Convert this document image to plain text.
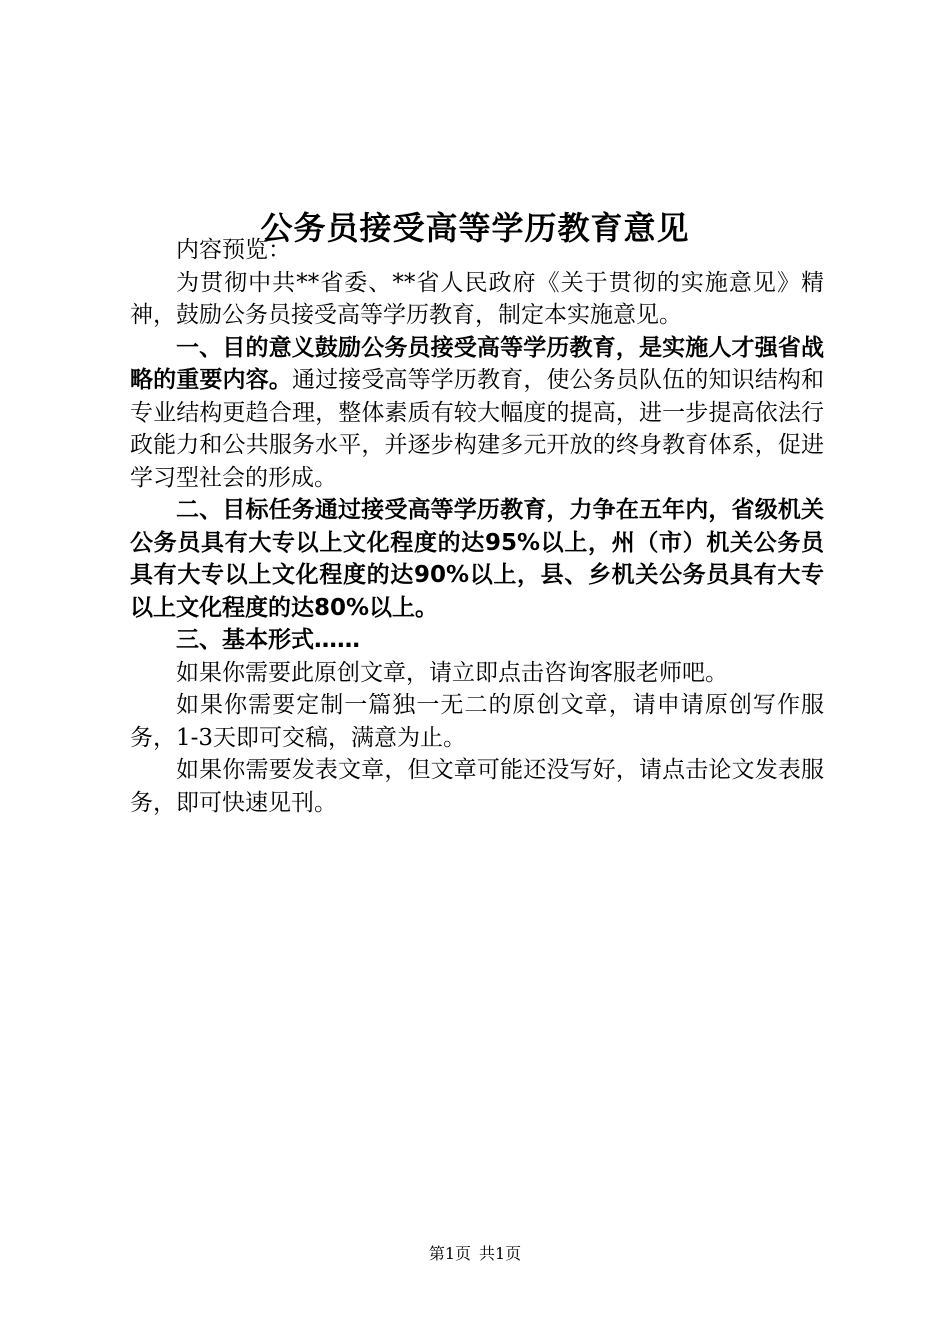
公务员接受高等学历教育意见

内容预览：

为贯彻中共**省委、**省人民政府《关于贯彻的实施意见》精神，鼓励公务员接受高等学历教育，制定本实施意见。

一、目的意义鼓励公务员接受高等学历教育，是实施人才强省战略的重要内容。通过接受高等学历教育，使公务员队伍的知识结构和专业结构更趋合理，整体素质有较大幅度的提高，进一步提高依法行政能力和公共服务水平，并逐步构建多元开放的终身教育体系，促进学习型社会的形成。

二、目标任务通过接受高等学历教育，力争在五年内，省级机关公务员具有大专以上文化程度的达95%以上，州（市）机关公务员具有大专以上文化程度的达90%以上，县、乡机关公务员具有大专以上文化程度的达80%以上。

三、基本形式……

如果你需要此原创文章，请立即点击咨询客服老师吧。

如果你需要定制一篇独一无二的原创文章，请申请原创写作服务，1-3天即可交稿，满意为止。

如果你需要发表文章，但文章可能还没写好，请点击论文发表服务，即可快速见刊。

第1页 共1页
